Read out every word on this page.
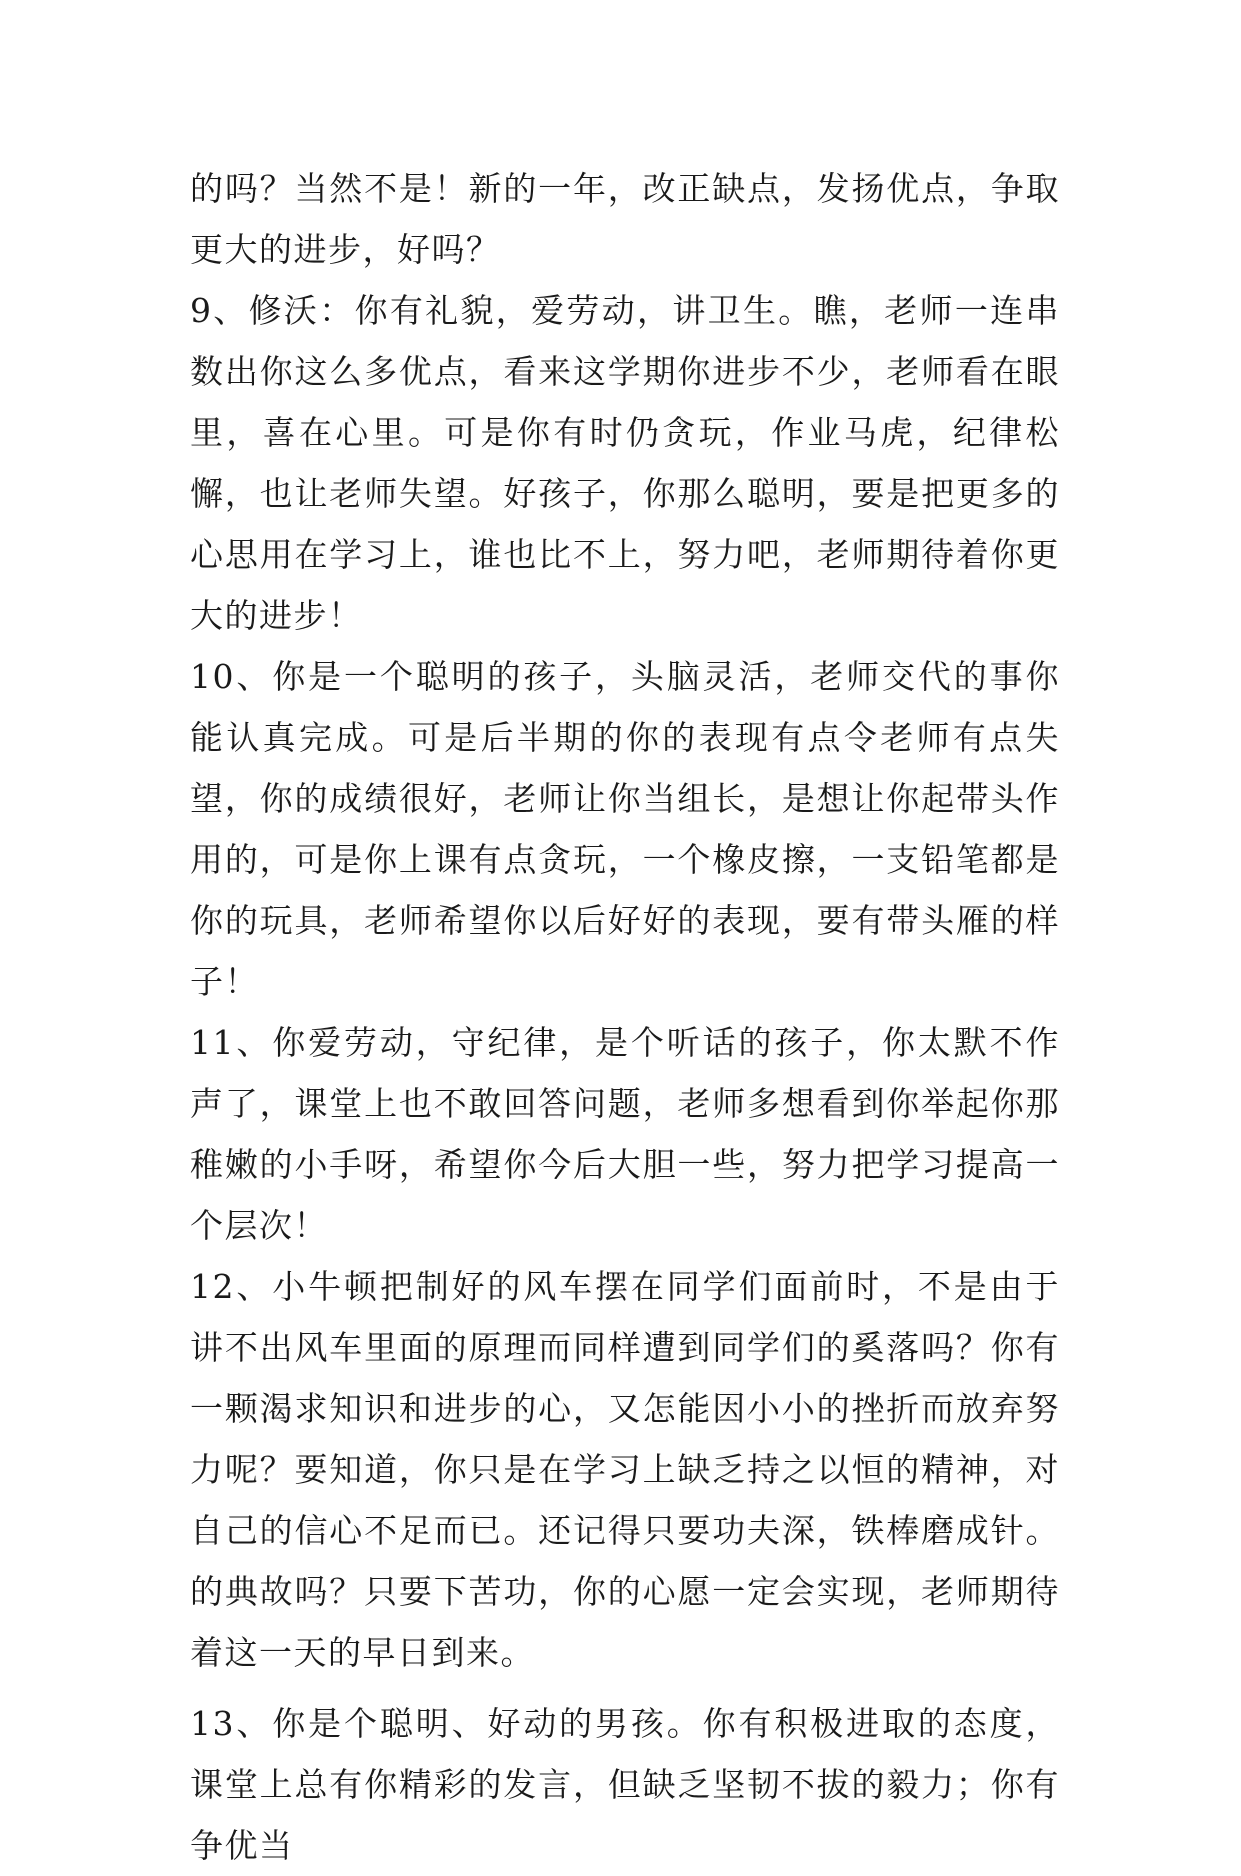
的吗？当然不是！新的一年，改正缺点，发扬优点，争取更大的进步，好吗？

9、修沃：你有礼貌，爱劳动，讲卫生。瞧，老师一连串数出你这么多优点，看来这学期你进步不少，老师看在眼里，喜在心里。可是你有时仍贪玩，作业马虎，纪律松懈，也让老师失望。好孩子，你那么聪明，要是把更多的心思用在学习上，谁也比不上，努力吧，老师期待着你更大的进步！

10、你是一个聪明的孩子，头脑灵活，老师交代的事你能认真完成。可是后半期的你的表现有点令老师有点失望，你的成绩很好，老师让你当组长，是想让你起带头作用的，可是你上课有点贪玩，一个橡皮擦，一支铅笔都是你的玩具，老师希望你以后好好的表现，要有带头雁的样子！

11、你爱劳动，守纪律，是个听话的孩子，你太默不作声了，课堂上也不敢回答问题，老师多想看到你举起你那稚嫩的小手呀，希望你今后大胆一些，努力把学习提高一个层次！

12、小牛顿把制好的风车摆在同学们面前时，不是由于讲不出风车里面的原理而同样遭到同学们的奚落吗？你有一颗渴求知识和进步的心，又怎能因小小的挫折而放弃努力呢？要知道，你只是在学习上缺乏持之以恒的精神，对自己的信心不足而已。还记得只要功夫深，铁棒磨成针。的典故吗？只要下苦功，你的心愿一定会实现，老师期待着这一天的早日到来。

13、你是个聪明、好动的男孩。你有积极进取的态度，课堂上总有你精彩的发言，但缺乏坚韧不拔的毅力；你有争优当
